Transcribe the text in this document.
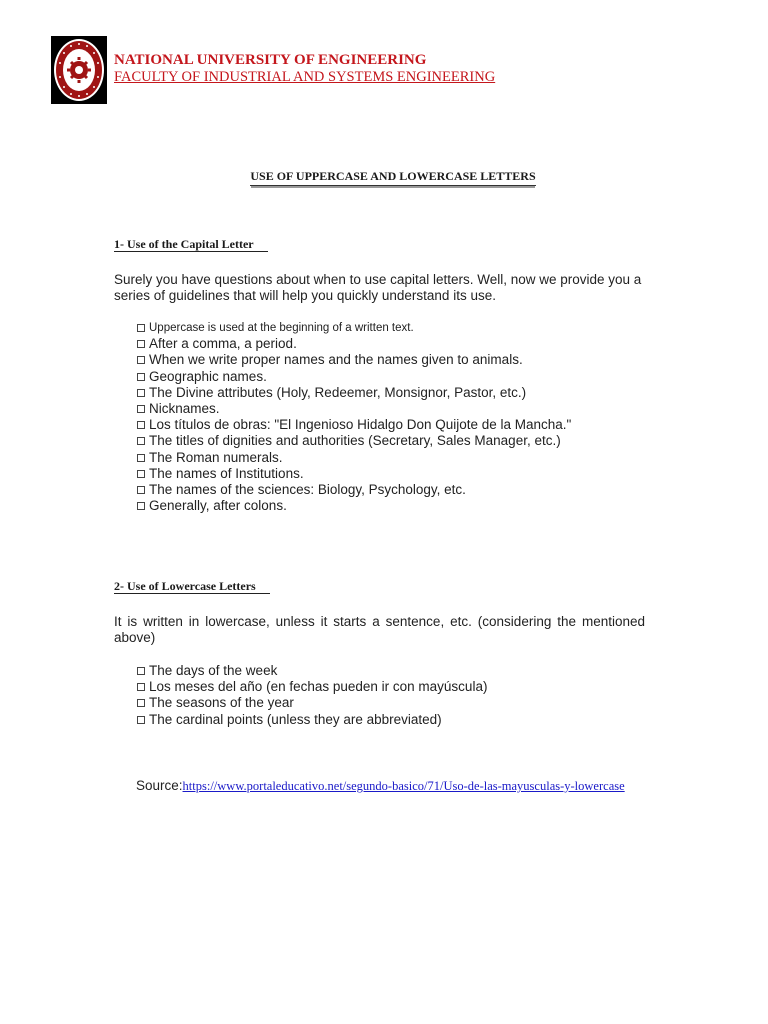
NATIONAL UNIVERSITY OF ENGINEERING
FACULTY OF INDUSTRIAL AND SYSTEMS ENGINEERING
USE OF UPPERCASE AND LOWERCASE LETTERS
1- Use of the Capital Letter
Surely you have questions about when to use capital letters. Well, now we provide you a series of guidelines that will help you quickly understand its use.
Uppercase is used at the beginning of a written text.
After a comma, a period.
When we write proper names and the names given to animals.
Geographic names.
The Divine attributes (Holy, Redeemer, Monsignor, Pastor, etc.)
Nicknames.
Los títulos de obras: "El Ingenioso Hidalgo Don Quijote de la Mancha."
The titles of dignities and authorities (Secretary, Sales Manager, etc.)
The Roman numerals.
The names of Institutions.
The names of the sciences: Biology, Psychology, etc.
Generally, after colons.
2- Use of Lowercase Letters
It is written in lowercase, unless it starts a sentence, etc. (considering the mentioned above)
The days of the week
Los meses del año (en fechas pueden ir con mayúscula)
The seasons of the year
The cardinal points (unless they are abbreviated)
Source:https://www.portaleducativo.net/segundo-basico/71/Uso-de-las-mayusculas-y-lowercase
